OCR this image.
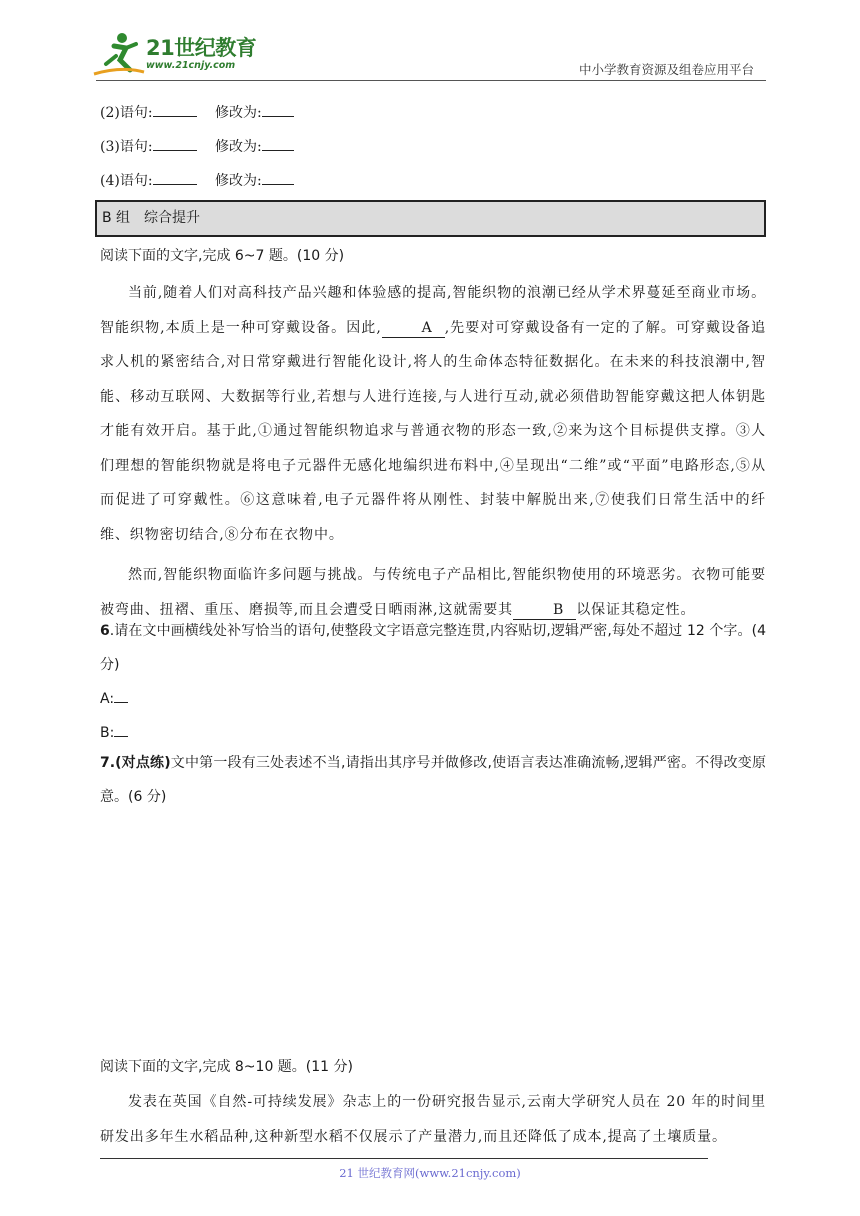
21世纪教育
www.21cnjy.com	中小学教育资源及组卷应用平台
(2)语句:	修改为:
(3)语句:	修改为:
(4)语句:	修改为:
B 组　综合提升
阅读下面的文字,完成 6~7 题。(10 分)
当前,随着人们对高科技产品兴趣和体验感的提高,智能织物的浪潮已经从学术界蔓延至商业市场。智能织物,本质上是一种可穿戴设备。因此,	A ,先要对可穿戴设备有一定的了解。可穿戴设备追求人机的紧密结合,对日常穿戴进行智能化设计,将人的生命体态特征数据化。在未来的科技浪潮中,智能、移动互联网、大数据等行业,若想与人进行连接,与人进行互动,就必须借助智能穿戴这把人体钥匙才能有效开启。基于此,①通过智能织物追求与普通衣物的形态一致,②来为这个目标提供支撑。③人们理想的智能织物就是将电子元器件无感化地编织进布料中,④呈现出“二维”或“平面”电路形态,⑤从而促进了可穿戴性。⑥这意味着,电子元器件将从刚性、封装中解脱出来,⑦使我们日常生活中的纤维、织物密切结合,⑧分布在衣物中。
然而,智能织物面临许多问题与挑战。与传统电子产品相比,智能织物使用的环境恶劣。衣物可能要被弯曲、扭褶、重压、磨损等,而且会遭受日晒雨淋,这就需要其	B 以保证其稳定性。
6.请在文中画横线处补写恰当的语句,使整段文字语意完整连贯,内容贴切,逻辑严密,每处不超过 12 个字。(4 分)
A:
B:
7.(对点练)文中第一段有三处表述不当,请指出其序号并做修改,使语言表达准确流畅,逻辑严密。不得改变原意。(6 分)
阅读下面的文字,完成 8~10 题。(11 分)
发表在英国《自然-可持续发展》杂志上的一份研究报告显示,云南大学研究人员在 20 年的时间里研发出多年生水稻品种,这种新型水稻不仅展示了产量潜力,而且还降低了成本,提高了土壤质量。
21 世纪教育网(www.21cnjy.com)
